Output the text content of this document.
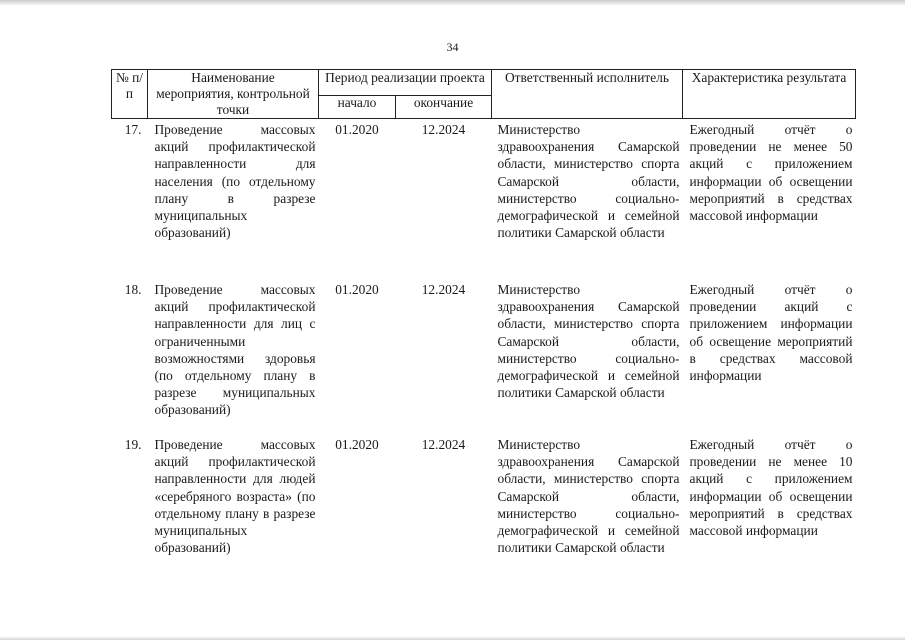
34
№ п/п	Наименование мероприятия, контрольной точки	Период реализации проекта		Ответственный исполнитель	Характеристика результата
		начало	окончание		
17.	Проведение массовых акций профилактической направленности для населения (по отдельному плану в разрезе муниципальных образований)	01.2020	12.2024	Министерство здравоохранения Самарской области, министерство спорта Самарской области, министерство социально-демографической и семейной политики Самарской области	Ежегодный отчёт о проведении не менее 50 акций с приложением информации об освещении мероприятий в средствах массовой информации

18.	Проведение массовых акций профилактической направленности для лиц с ограниченными возможностями здоровья (по отдельному плану в разрезе муниципальных образований)	01.2020	12.2024	Министерство здравоохранения Самарской области, министерство спорта Самарской области, министерство социально-демографической и семейной политики Самарской области	Ежегодный отчёт о проведении акций с приложением информации об освещение мероприятий в средствах массовой информации

19.	Проведение массовых акций профилактической направленности для людей «серебряного возраста» (по отдельному плану в разрезе муниципальных образований)	01.2020	12.2024	Министерство здравоохранения Самарской области, министерство спорта Самарской области, министерство социально-демографической и семейной политики Самарской области	Ежегодный отчёт о проведении не менее 10 акций с приложением информации об освещении мероприятий в средствах массовой информации
